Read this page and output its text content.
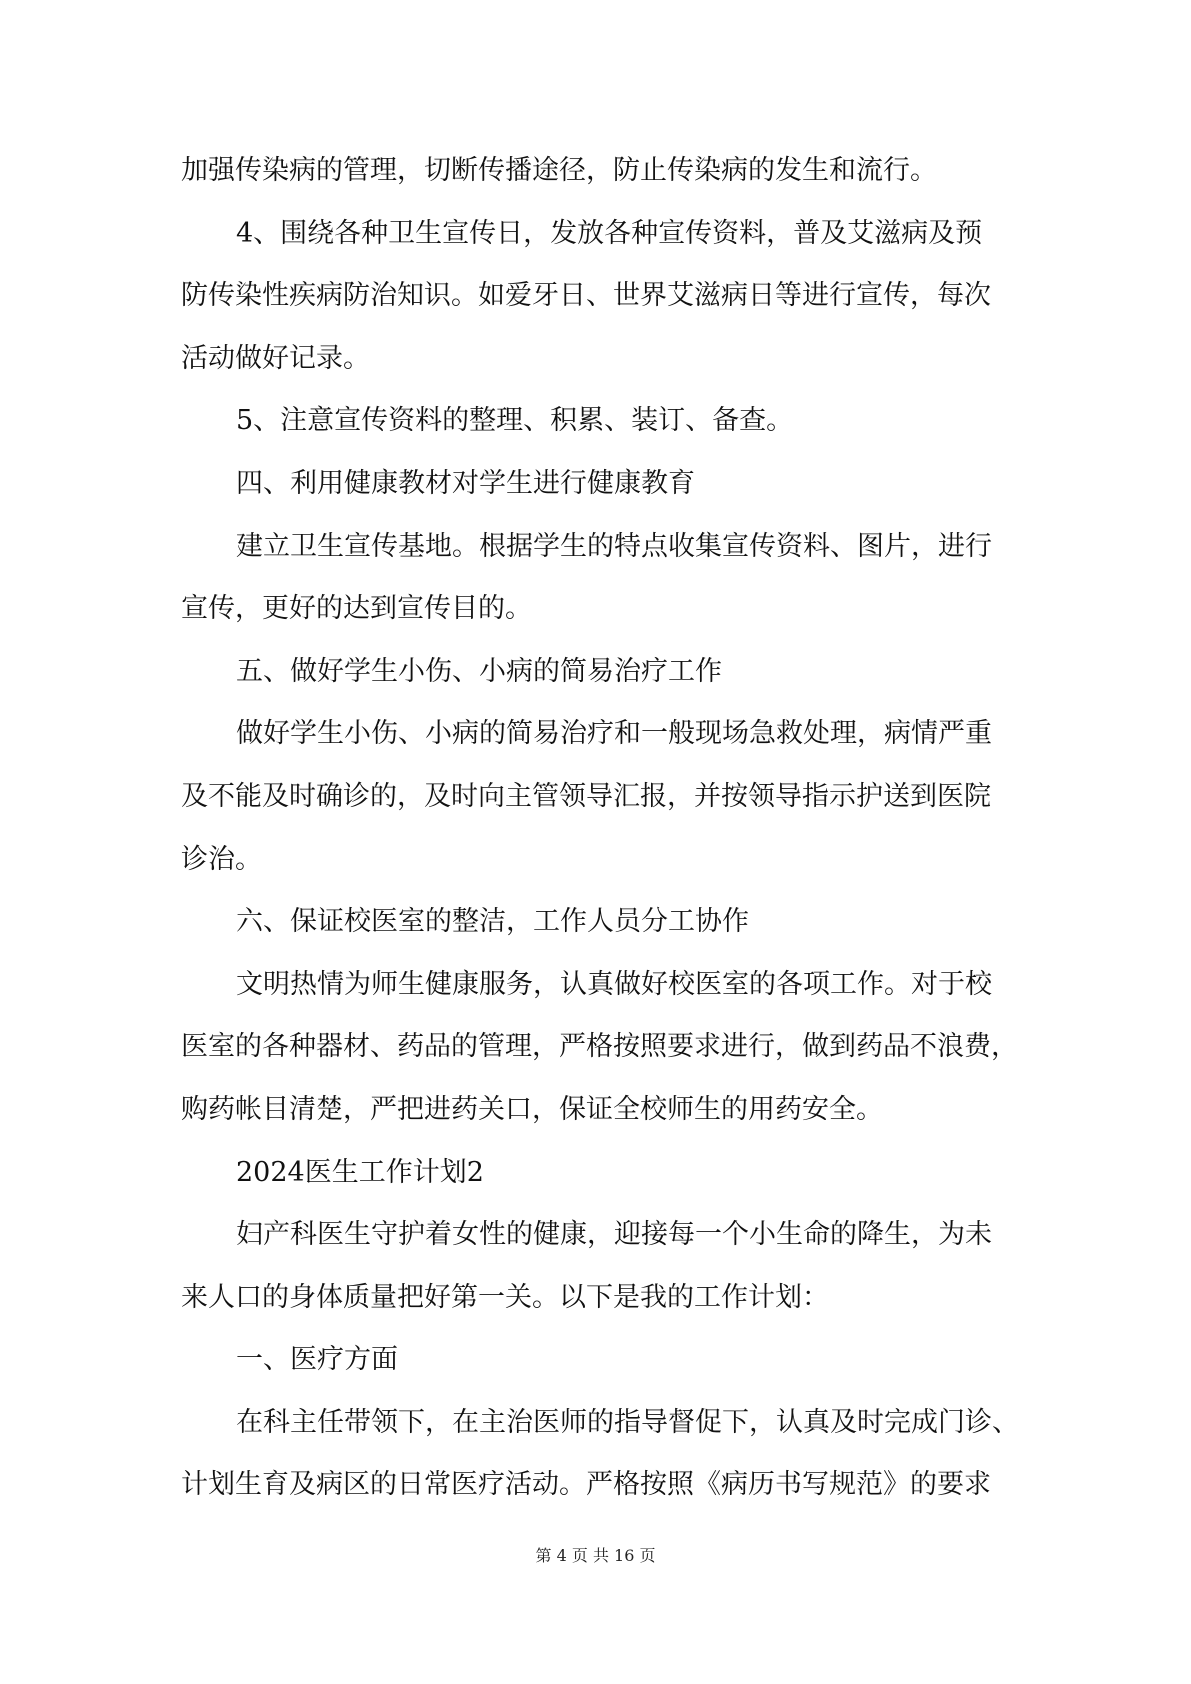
加强传染病的管理，切断传播途径，防止传染病的发生和流行。
4、围绕各种卫生宣传日，发放各种宣传资料，普及艾滋病及预
防传染性疾病防治知识。如爱牙日、世界艾滋病日等进行宣传，每次
活动做好记录。
5、注意宣传资料的整理、积累、装订、备查。
四、利用健康教材对学生进行健康教育
建立卫生宣传基地。根据学生的特点收集宣传资料、图片，进行
宣传，更好的达到宣传目的。
五、做好学生小伤、小病的简易治疗工作
做好学生小伤、小病的简易治疗和一般现场急救处理，病情严重
及不能及时确诊的，及时向主管领导汇报，并按领导指示护送到医院
诊治。
六、保证校医室的整洁，工作人员分工协作
文明热情为师生健康服务，认真做好校医室的各项工作。对于校
医室的各种器材、药品的管理，严格按照要求进行，做到药品不浪费，
购药帐目清楚，严把进药关口，保证全校师生的用药安全。
2024医生工作计划2
妇产科医生守护着女性的健康，迎接每一个小生命的降生，为未
来人口的身体质量把好第一关。以下是我的工作计划：
一、医疗方面
在科主任带领下，在主治医师的指导督促下，认真及时完成门诊、
计划生育及病区的日常医疗活动。严格按照《病历书写规范》的要求
第 4 页 共 16 页
